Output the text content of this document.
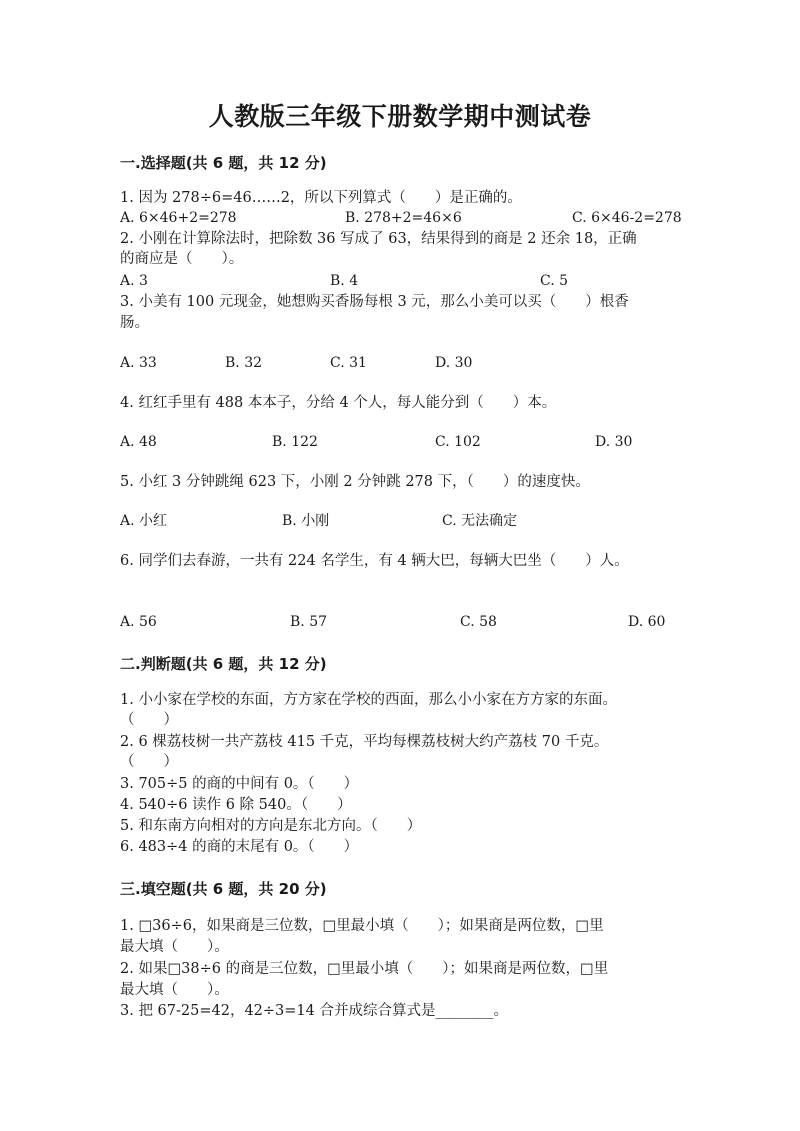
人教版三年级下册数学期中测试卷
一.选择题(共 6 题，共 12 分)
1. 因为 278÷6=46……2，所以下列算式（　　）是正确的。
A. 6×46+2=278	B. 278+2=46×6	C. 6×46-2=278
2. 小刚在计算除法时，把除数 36 写成了 63，结果得到的商是 2 还余 18，正确
的商应是（　　）。
A. 3	B. 4	C. 5
3. 小美有 100 元现金，她想购买香肠每根 3 元，那么小美可以买（　　）根香
肠。
A. 33	B. 32	C. 31	D. 30
4. 红红手里有 488 本本子，分给 4 个人，每人能分到（　　）本。
A. 48	B. 122	C. 102	D. 30
5. 小红 3 分钟跳绳 623 下，小刚 2 分钟跳 278 下，（　　）的速度快。
A. 小红	B. 小刚	C. 无法确定
6. 同学们去春游，一共有 224 名学生，有 4 辆大巴，每辆大巴坐（　　）人。
A. 56	B. 57	C. 58	D. 60
二.判断题(共 6 题，共 12 分)
1. 小小家在学校的东面，方方家在学校的西面，那么小小家在方方家的东面。
（　　）
2. 6 棵荔枝树一共产荔枝 415 千克，平均每棵荔枝树大约产荔枝 70 千克。
（　　）
3. 705÷5 的商的中间有 0。（　　）
4. 540÷6 读作 6 除 540。（　　）
5. 和东南方向相对的方向是东北方向。（　　）
6. 483÷4 的商的末尾有 0。（　　）
三.填空题(共 6 题，共 20 分)
1. □36÷6，如果商是三位数，□里最小填（　　）；如果商是两位数，□里
最大填（　　）。
2. 如果□38÷6 的商是三位数，□里最小填（　　）；如果商是两位数，□里
最大填（　　）。
3. 把 67-25=42，42÷3=14 合并成综合算式是________。
